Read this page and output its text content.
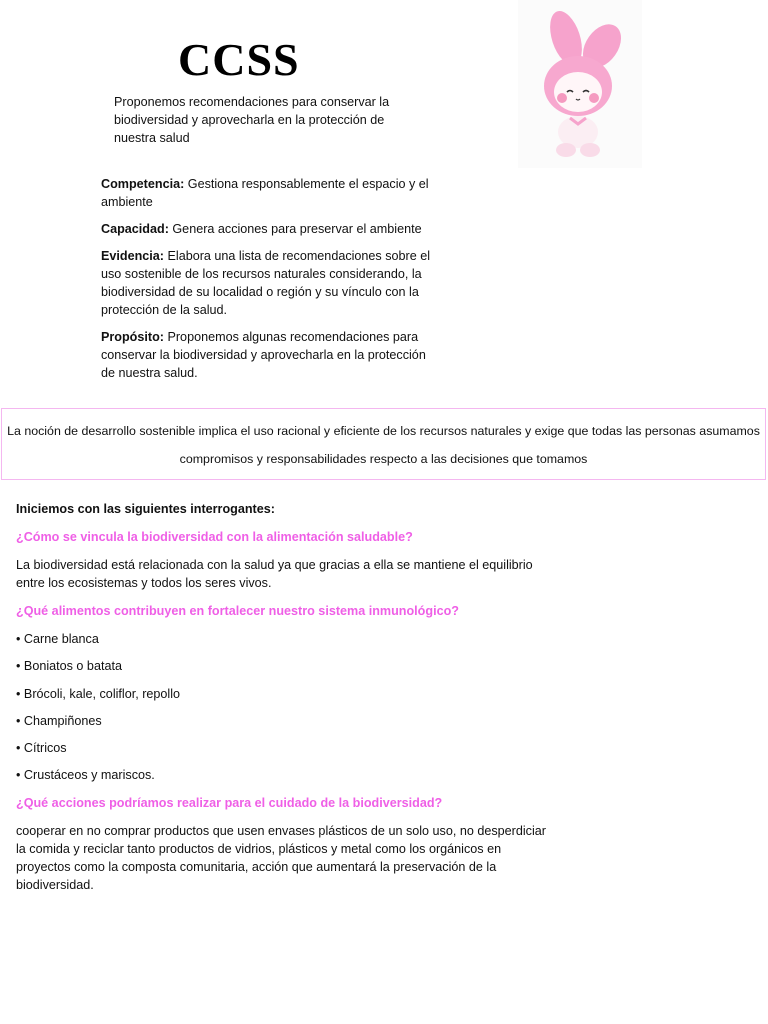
CCSS

Proponemos recomendaciones para conservar la biodiversidad y aprovecharla en la protección de nuestra salud

Competencia: Gestiona responsablemente el espacio y el ambiente

Capacidad: Genera acciones para preservar el ambiente

Evidencia: Elabora una lista de recomendaciones sobre el uso sostenible de los recursos naturales considerando, la biodiversidad de su localidad o región y su vínculo con la protección de la salud.

Propósito: Proponemos algunas recomendaciones para conservar la biodiversidad y aprovecharla en la protección de nuestra salud.

La noción de desarrollo sostenible implica el uso racional y eficiente de los recursos naturales y exige que todas las personas asumamos compromisos y responsabilidades respecto a las decisiones que tomamos

Iniciemos con las siguientes interrogantes:

¿Cómo se vincula la biodiversidad con la alimentación saludable?

La biodiversidad está relacionada con la salud ya que gracias a ella se mantiene el equilibrio entre los ecosistemas y todos los seres vivos.

¿Qué alimentos contribuyen en fortalecer nuestro sistema inmunológico?

• Carne blanca
• Boniatos o batata
• Brócoli, kale, coliflor, repollo
• Champiñones
• Cítricos
• Crustáceos y mariscos.

¿Qué acciones podríamos realizar para el cuidado de la biodiversidad?

cooperar en no comprar productos que usen envases plásticos de un solo uso, no desperdiciar la comida y reciclar tanto productos de vidrios, plásticos y metal como los orgánicos en proyectos como la composta comunitaria, acción que aumentará la preservación de la biodiversidad.
